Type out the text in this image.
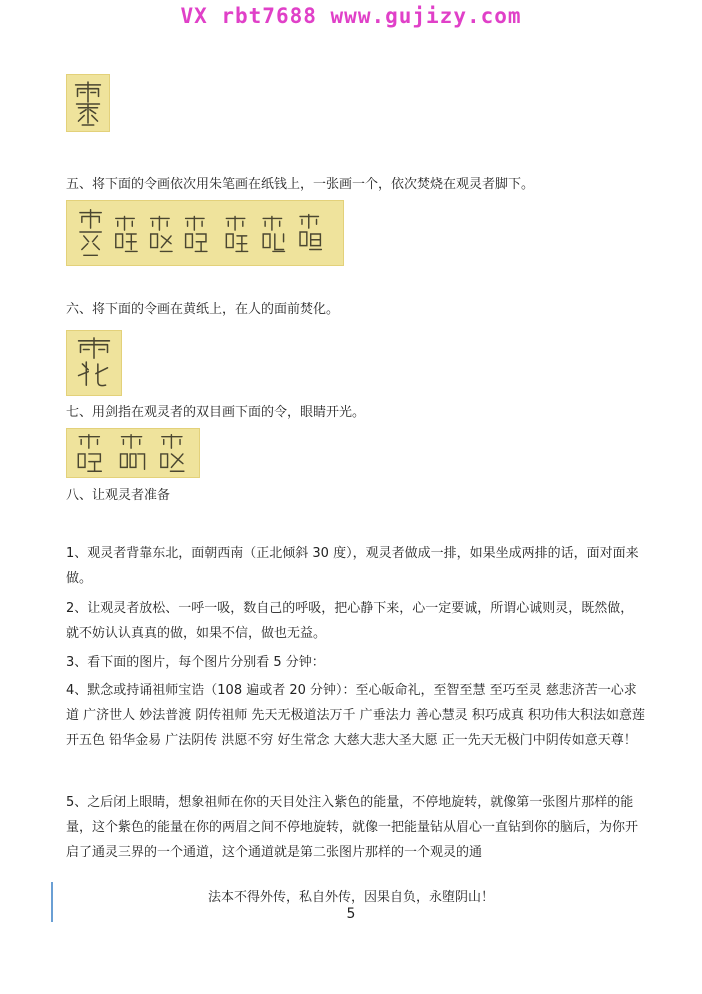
VX rbt7688 www.gujizy.com

五、将下面的令画依次用朱笔画在纸钱上，一张画一个，依次焚烧在观灵者脚下。

六、将下面的令画在黄纸上，在人的面前焚化。

七、用剑指在观灵者的双目画下面的令，眼睛开光。

八、让观灵者准备

1、观灵者背靠东北，面朝西南（正北倾斜 30 度），观灵者做成一排，如果坐成两排的话，面对面来做。

2、让观灵者放松、一呼一吸，数自己的呼吸，把心静下来，心一定要诚，所谓心诚则灵，既然做，就不妨认认真真的做，如果不信，做也无益。

3、看下面的图片，每个图片分别看 5 分钟：

4、默念或持诵祖师宝诰（108 遍或者 20 分钟）：至心皈命礼，至智至慧 至巧至灵 慈悲济苦一心求道 广济世人 妙法普渡 阴传祖师 先天无极道法万千 广垂法力 善心慧灵 积巧成真 积功伟大积法如意莲开五色 铅华金易 广法阴传 洪愿不穷 好生常念 大慈大悲大圣大愿 正一先天无极门中阴传如意天尊！

5、之后闭上眼睛，想象祖师在你的天目处注入紫色的能量，不停地旋转，就像第一张图片那样的能量，这个紫色的能量在你的两眉之间不停地旋转，就像一把能量钻从眉心一直钻到你的脑后，为你开启了通灵三界的一个通道，这个通道就是第二张图片那样的一个观灵的通

法本不得外传，私自外传，因果自负，永堕阴山！
5
